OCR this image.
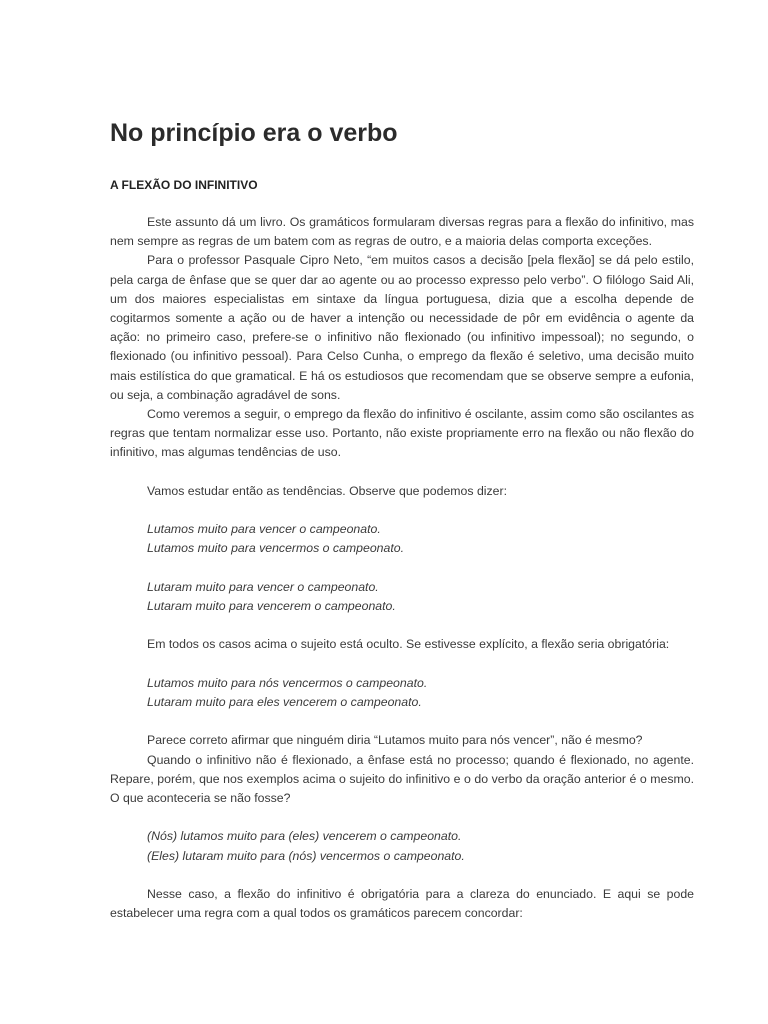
No princípio era o verbo
A FLEXÃO DO INFINITIVO

Este assunto dá um livro. Os gramáticos formularam diversas regras para a flexão do infinitivo, mas nem sempre as regras de um batem com as regras de outro, e a maioria delas comporta exceções.

Para o professor Pasquale Cipro Neto, “em muitos casos a decisão [pela flexão] se dá pelo estilo, pela carga de ênfase que se quer dar ao agente ou ao processo expresso pelo verbo”. O filólogo Said Ali, um dos maiores especialistas em sintaxe da língua portuguesa, dizia que a escolha depende de cogitarmos somente a ação ou de haver a intenção ou necessidade de pôr em evidência o agente da ação: no primeiro caso, prefere-se o infinitivo não flexionado (ou infinitivo impessoal); no segundo, o flexionado (ou infinitivo pessoal). Para Celso Cunha, o emprego da flexão é seletivo, uma decisão muito mais estilística do que gramatical. E há os estudiosos que recomendam que se observe sempre a eufonia, ou seja, a combinação agradável de sons.

Como veremos a seguir, o emprego da flexão do infinitivo é oscilante, assim como são oscilantes as regras que tentam normalizar esse uso. Portanto, não existe propriamente erro na flexão ou não flexão do infinitivo, mas algumas tendências de uso.

Vamos estudar então as tendências. Observe que podemos dizer:

Lutamos muito para vencer o campeonato.

Lutamos muito para vencermos o campeonato.

Lutaram muito para vencer o campeonato.

Lutaram muito para vencerem o campeonato.

Em todos os casos acima o sujeito está oculto. Se estivesse explícito, a flexão seria obrigatória:

Lutamos muito para nós vencermos o campeonato.

Lutaram muito para eles vencerem o campeonato.

Parece correto afirmar que ninguém diria “Lutamos muito para nós vencer”, não é mesmo?

Quando o infinitivo não é flexionado, a ênfase está no processo; quando é flexionado, no agente. Repare, porém, que nos exemplos acima o sujeito do infinitivo e o do verbo da oração anterior é o mesmo. O que aconteceria se não fosse?

(Nós) lutamos muito para (eles) vencerem o campeonato.

(Eles) lutaram muito para (nós) vencermos o campeonato.

Nesse caso, a flexão do infinitivo é obrigatória para a clareza do enunciado. E aqui se pode estabelecer uma regra com a qual todos os gramáticos parecem concordar:
